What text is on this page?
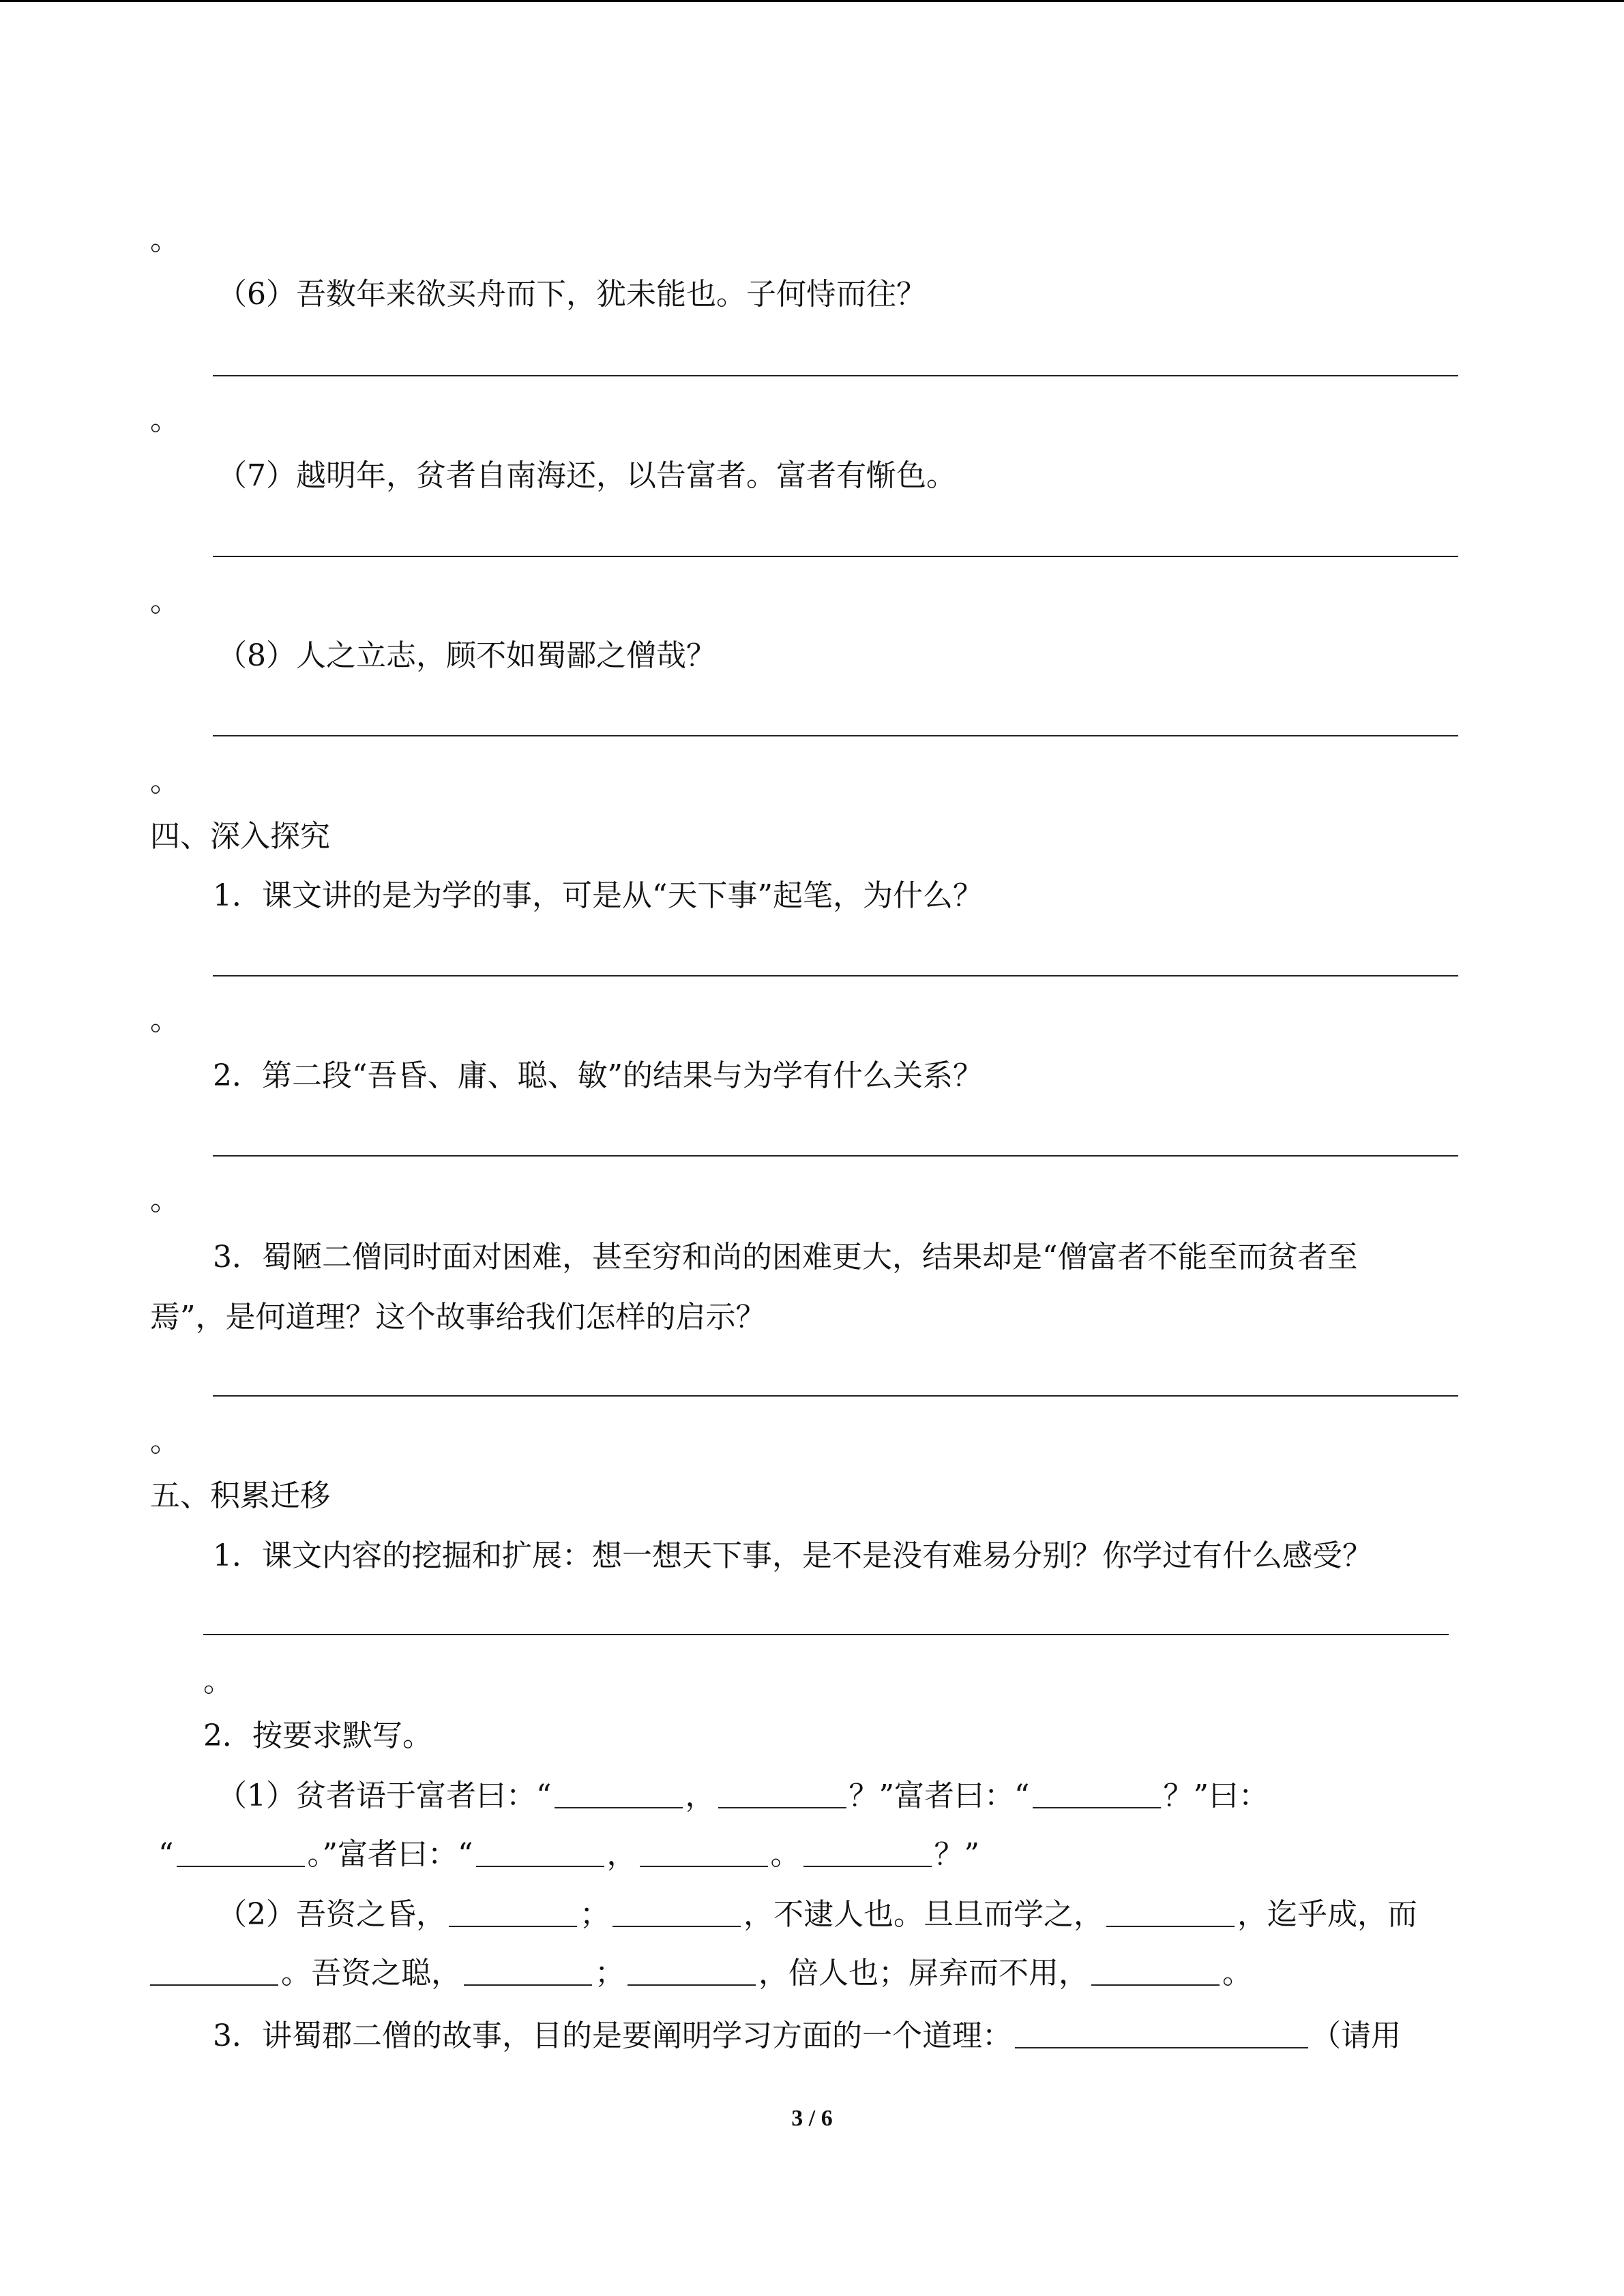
。
（6）吾数年来欲买舟而下，犹未能也。子何恃而往？
。
（7）越明年，贫者自南海还，以告富者。富者有惭色。
。
（8）人之立志，顾不如蜀鄙之僧哉？
。
四、深入探究
1．课文讲的是为学的事，可是从“天下事”起笔，为什么？
。
2．第二段“吾昏、庸、聪、敏”的结果与为学有什么关系？
。
3．蜀陋二僧同时面对困难，甚至穷和尚的困难更大，结果却是“僧富者不能至而贫者至
焉”，是何道理？这个故事给我们怎样的启示？
。
五、积累迁移
1．课文内容的挖掘和扩展：想一想天下事，是不是没有难易分别？你学过有什么感受？
。
2．按要求默写。
（1）贫者语于富者曰：“	，	？”富者曰：“	？”曰：
“	。”富者曰：“	，	。	？”
（2）吾资之昏，	；	，不逮人也。旦旦而学之，	，迄乎成，而
。吾资之聪，	；	，倍人也；屏弃而不用，	。
3．讲蜀郡二僧的故事，目的是要阐明学习方面的一个道理：	（请用
3 / 6
